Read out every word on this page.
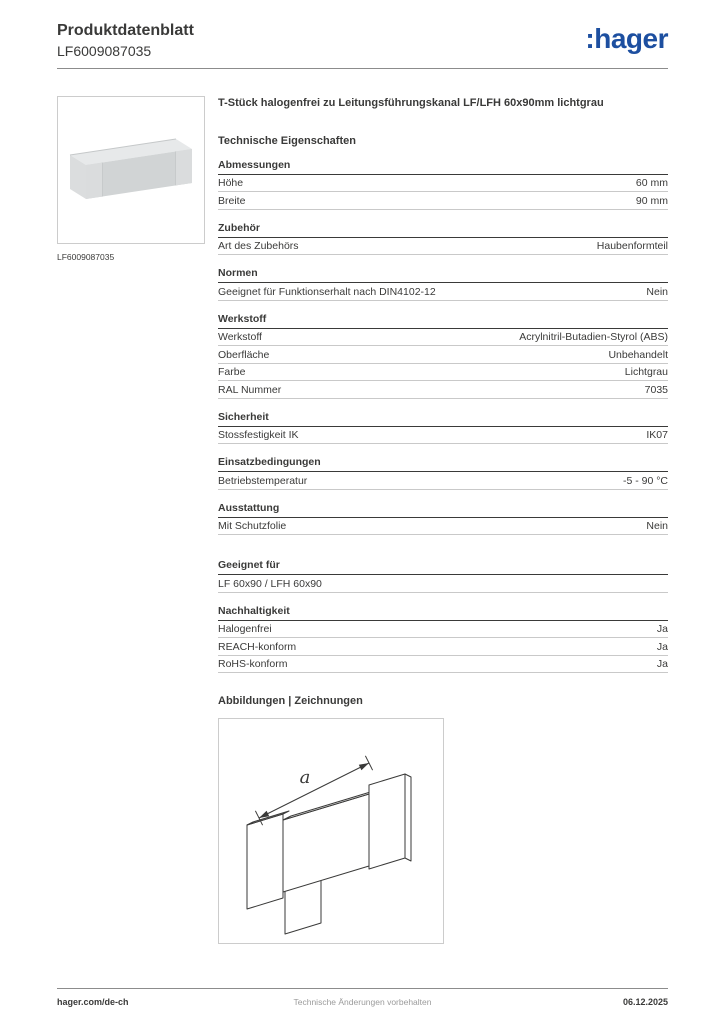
Produktdatenblatt
LF6009087035	:hager
LF6009087035
T-Stück halogenfrei zu Leitungsführungskanal LF/LFH 60x90mm lichtgrau
Technische Eigenschaften
Abmessungen
Höhe	60 mm
Breite	90 mm
Zubehör
Art des Zubehörs	Haubenformteil
Normen
Geeignet für Funktionserhalt nach DIN4102-12	Nein
Werkstoff
Werkstoff	Acrylnitril-Butadien-Styrol (ABS)
Oberfläche	Unbehandelt
Farbe	Lichtgrau
RAL Nummer	7035
Sicherheit
Stossfestigkeit IK	IK07
Einsatzbedingungen
Betriebstemperatur	-5 - 90 °C
Ausstattung
Mit Schutzfolie	Nein
Geeignet für
LF 60x90 / LFH 60x90
Nachhaltigkeit
Halogenfrei	Ja
REACH-konform	Ja
RoHS-konform	Ja
Abbildungen | Zeichnungen
a
hager.com/de-ch	Technische Änderungen vorbehalten	06.12.2025
